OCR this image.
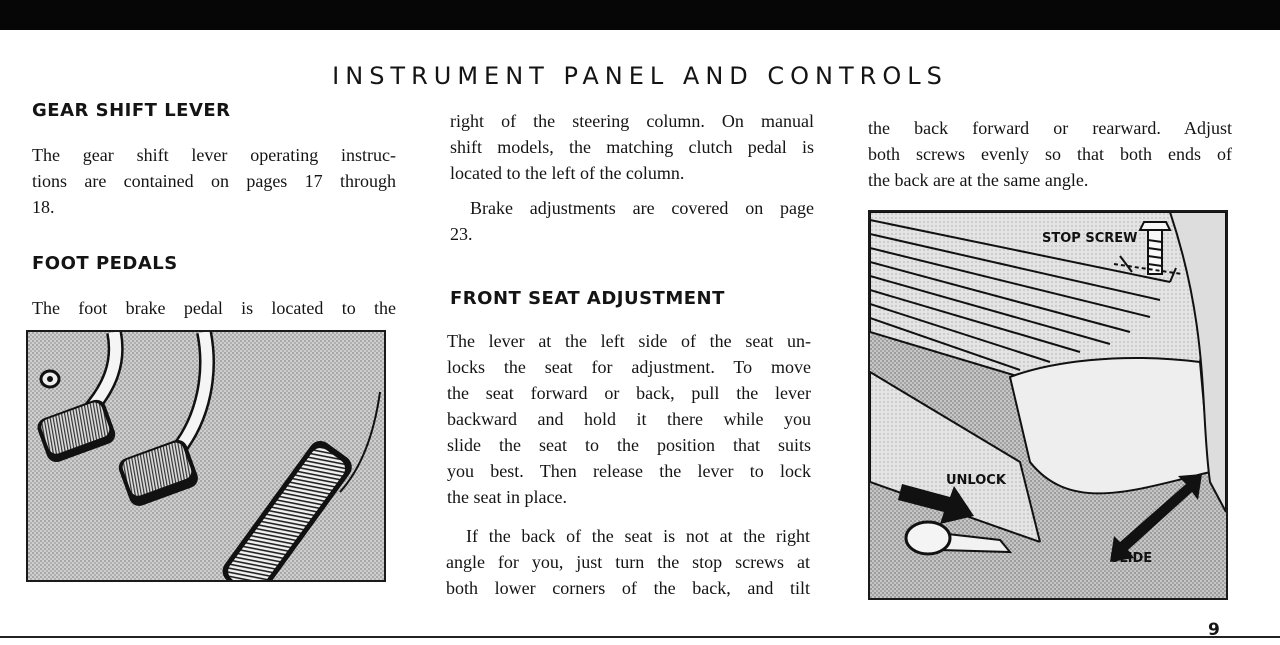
INSTRUMENT PANEL AND CONTROLS
GEAR SHIFT LEVER
The gear shift lever operating instruc-
tions are contained on pages 17 through
18.
FOOT PEDALS
The foot brake pedal is located to the
right of the steering column. On manual
shift models, the matching clutch pedal is
located to the left of the column.
Brake adjustments are covered on page
23.
FRONT SEAT ADJUSTMENT
The lever at the left side of the seat un-
locks the seat for adjustment. To move
the seat forward or back, pull the lever
backward and hold it there while you
slide the seat to the position that suits
you best. Then release the lever to lock
the seat in place.
If the back of the seat is not at the right
angle for you, just turn the stop screws at
both lower corners of the back, and tilt
the back forward or rearward. Adjust
both screws evenly so that both ends of
the back are at the same angle.
STOP SCREW
UNLOCK
SLIDE
9
